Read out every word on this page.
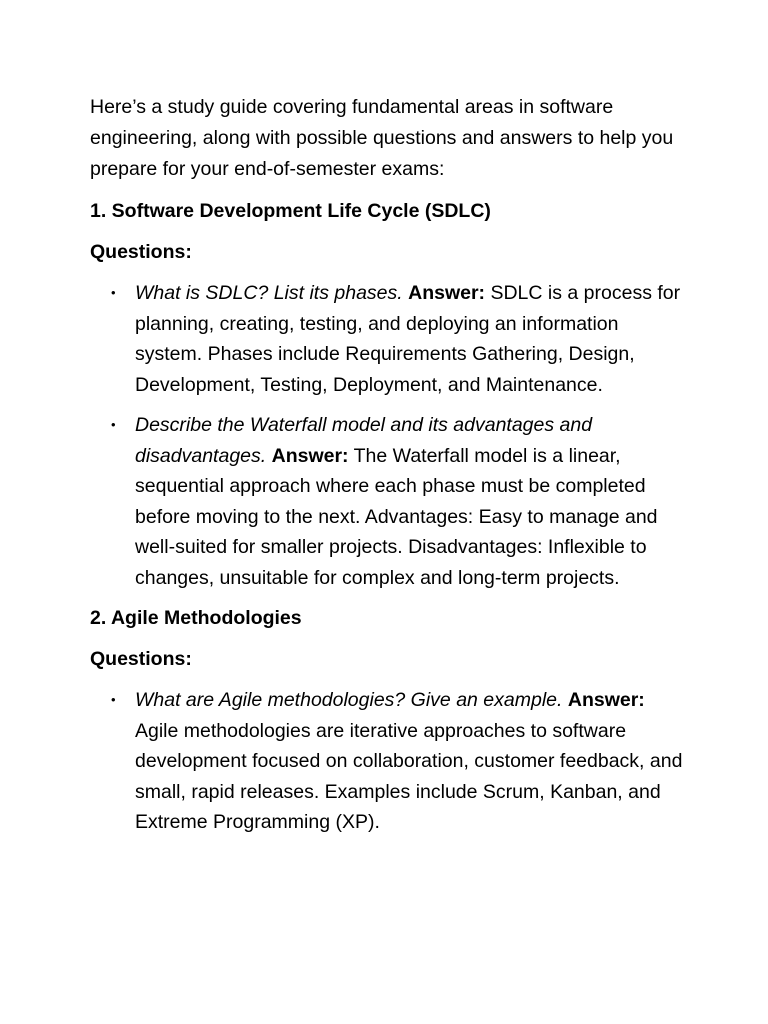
Here’s a study guide covering fundamental areas in software engineering, along with possible questions and answers to help you prepare for your end-of-semester exams:

1. Software Development Life Cycle (SDLC)

Questions:

• What is SDLC? List its phases. Answer: SDLC is a process for planning, creating, testing, and deploying an information system. Phases include Requirements Gathering, Design, Development, Testing, Deployment, and Maintenance.
• Describe the Waterfall model and its advantages and disadvantages. Answer: The Waterfall model is a linear, sequential approach where each phase must be completed before moving to the next. Advantages: Easy to manage and well-suited for smaller projects. Disadvantages: Inflexible to changes, unsuitable for complex and long-term projects.

2. Agile Methodologies

Questions:

• What are Agile methodologies? Give an example. Answer: Agile methodologies are iterative approaches to software development focused on collaboration, customer feedback, and small, rapid releases. Examples include Scrum, Kanban, and Extreme Programming (XP).
